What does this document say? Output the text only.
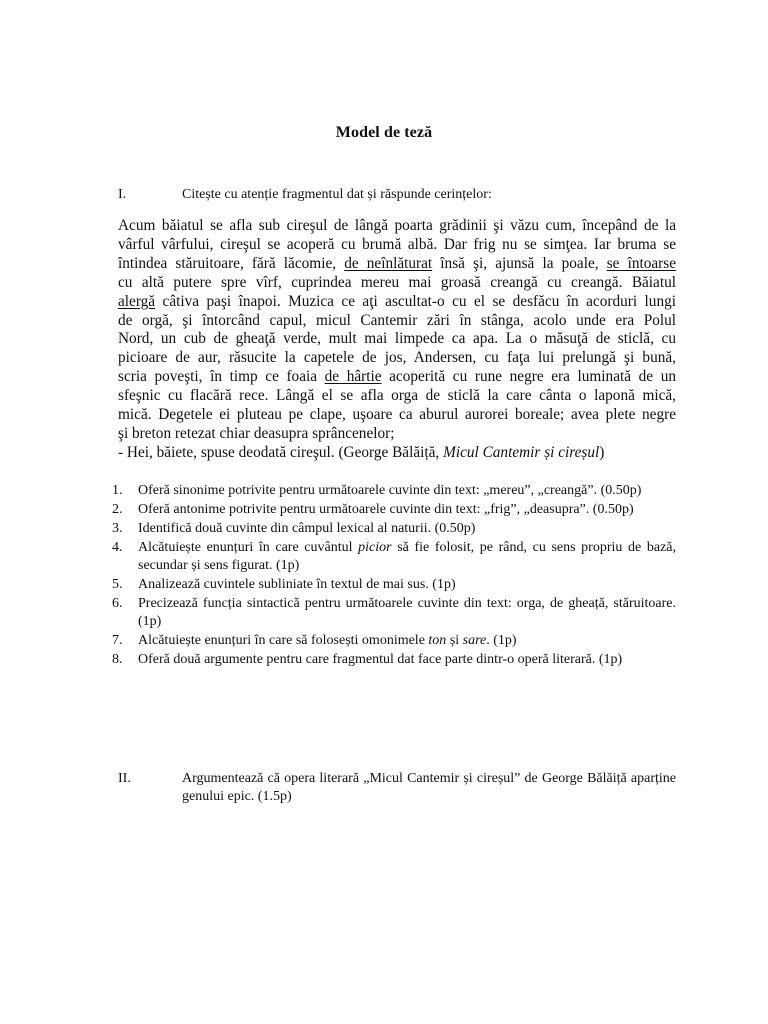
Model de teză
I.	Citește cu atenție fragmentul dat și răspunde cerințelor:
Acum băiatul se afla sub cireşul de lângă poarta grădinii şi văzu cum, începând de la
vârful vârfului, cireşul se acoperă cu brumă albă. Dar frig nu se simţea. Iar bruma se
întindea stăruitoare, fără lăcomie, de neînlăturat însă şi, ajunsă la poale, se întoarse
cu altă putere spre vîrf, cuprindea mereu mai groasă creangă cu creangă. Băiatul
alergă câtiva paşi înapoi. Muzica ce aţi ascultat-o cu el se desfăcu în acorduri lungi
de orgă, şi întorcând capul, micul Cantemir zări în stânga, acolo unde era Polul
Nord, un cub de gheaţă verde, mult mai limpede ca apa. La o măsuţă de sticlă, cu
picioare de aur, răsucite la capetele de jos, Andersen, cu faţa lui prelungă şi bună,
scria poveşti, în timp ce foaia de hârtie acoperită cu rune negre era luminată de un
sfeşnic cu flacără rece. Lângă el se afla orga de sticlă la care cânta o laponă mică,
mică. Degetele ei pluteau pe clape, uşoare ca aburul aurorei boreale; avea plete negre
şi breton retezat chiar deasupra sprâncenelor;
- Hei, băiete, spuse deodată cireşul. (George Bălăiță, Micul Cantemir și cireșul)
1.	Oferă sinonime potrivite pentru următoarele cuvinte din text: „mereu”, „creangă”. (0.50p)
2.	Oferă antonime potrivite pentru următoarele cuvinte din text: „frig”, „deasupra”. (0.50p)
3.	Identifică două cuvinte din câmpul lexical al naturii. (0.50p)
4.	Alcătuiește enunțuri în care cuvântul picior să fie folosit, pe rând, cu sens propriu de bază, secundar și sens figurat. (1p)
5.	Analizează cuvintele subliniate în textul de mai sus. (1p)
6.	Precizează funcția sintactică pentru următoarele cuvinte din text: orga, de gheață, stăruitoare. (1p)
7.	Alcătuiește enunțuri în care să folosești omonimele ton și sare. (1p)
8.	Oferă două argumente pentru care fragmentul dat face parte dintr-o operă literară. (1p)
II.	Argumentează că opera literară „Micul Cantemir și cireșul” de George Bălăiță aparține genului epic. (1.5p)
